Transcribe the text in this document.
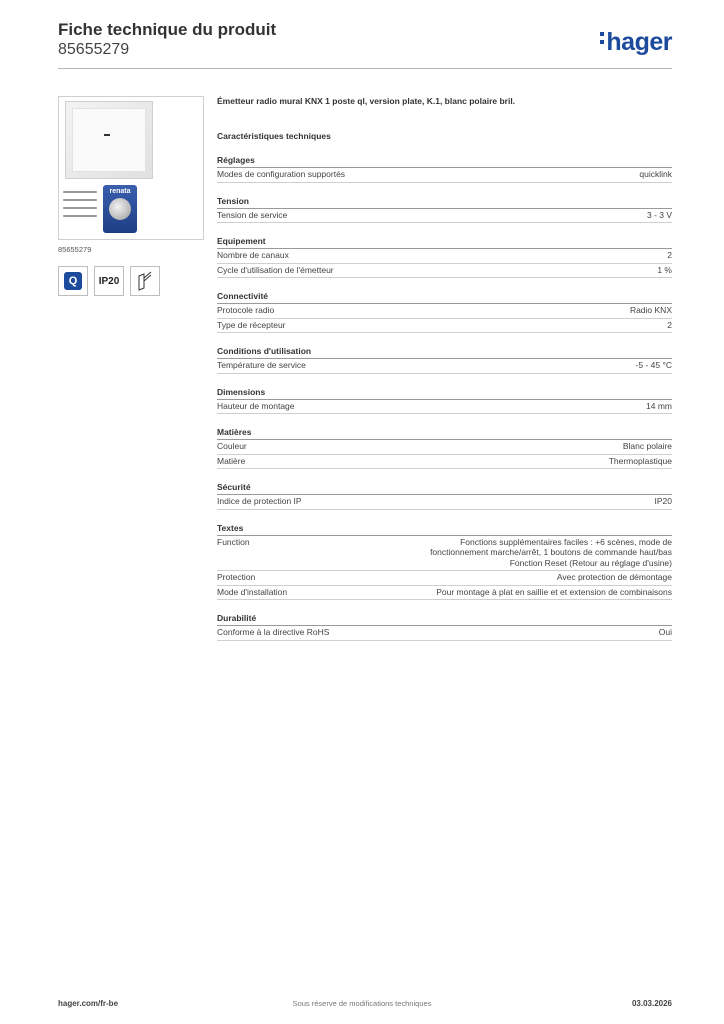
Fiche technique du produit
85655279	hager
renata
85655279
Q	IP20
Émetteur radio mural KNX 1 poste ql, version plate, K.1, blanc polaire bril.
Caractéristiques techniques
Réglages
Modes de configuration supportés	quicklink
Tension
Tension de service	3 - 3 V
Equipement
Nombre de canaux	2
Cycle d'utilisation de l'émetteur	1 %
Connectivité
Protocole radio	Radio KNX
Type de récepteur	2
Conditions d'utilisation
Température de service	-5 - 45 °C
Dimensions
Hauteur de montage	14 mm
Matières
Couleur	Blanc polaire
Matière	Thermoplastique
Sécurité
Indice de protection IP	IP20
Textes
Function	Fonctions supplémentaires faciles : +6 scènes, mode de
fonctionnement marche/arrêt, 1 boutons de commande haut/bas
Fonction Reset (Retour au réglage d'usine)
Protection	Avec protection de démontage
Mode d'installation	Pour montage à plat en saillie et et extension de combinaisons
Durabilité
Conforme à la directive RoHS	Oui
hager.com/fr-be	Sous réserve de modifications techniques	03.03.2026
